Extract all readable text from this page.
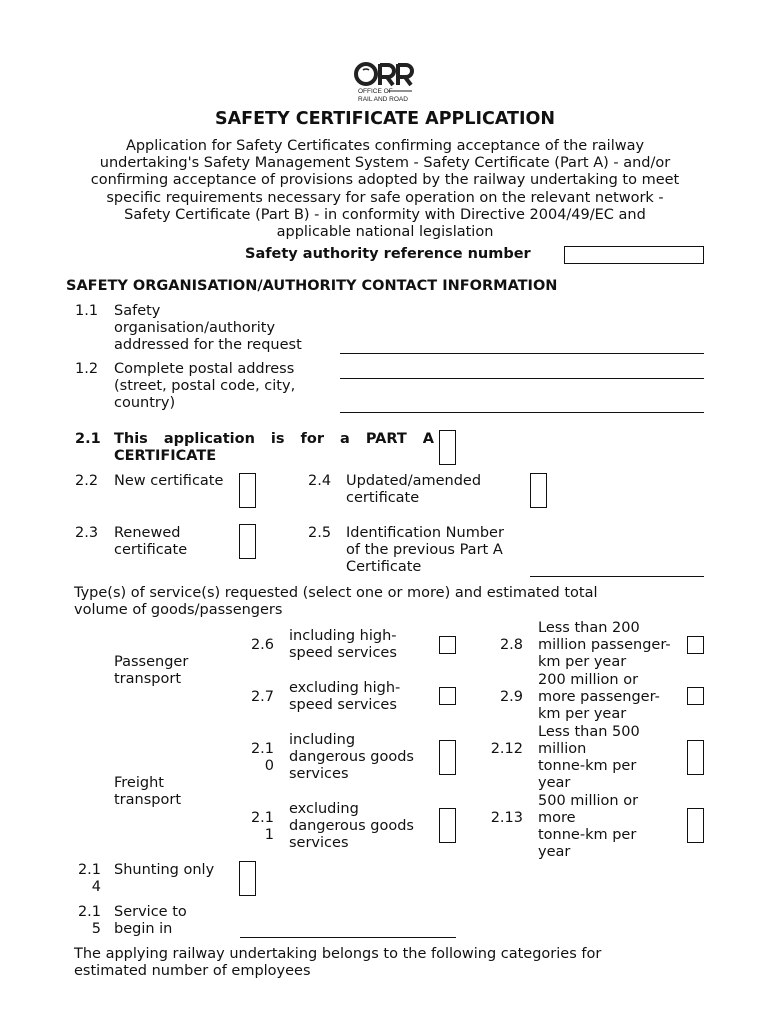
OFFICE OF
RAIL AND ROAD
SAFETY CERTIFICATE APPLICATION
Application for Safety Certificates confirming acceptance of the railway
undertaking's Safety Management System - Safety Certificate (Part A) - and/or
confirming acceptance of provisions adopted by the railway undertaking to meet
specific requirements necessary for safe operation on the relevant network -
Safety Certificate (Part B) - in conformity with Directive 2004/49/EC and
applicable national legislation
Safety authority reference number
SAFETY ORGANISATION/AUTHORITY CONTACT INFORMATION
1.1 Safety
organisation/authority
addressed for the request
1.2 Complete postal address
(street, postal code, city,
country)
2.1 This application is for a PART A
CERTIFICATE
2.2 New certificate	2.4 Updated/amended
certificate
2.3 Renewed
certificate
2.5 Identification Number
of the previous Part A
Certificate
Type(s) of service(s) requested (select one or more) and estimated total
volume of goods/passengers
Passenger
transport
2.6
including high-
speed services
2.7
excluding high-
speed services
2.8
Less than 200
million passenger-
km per year
2.9
200 million or
more passenger-
km per year
Freight
transport
2.1
0
including
dangerous goods
services
2.1
1
excluding
dangerous goods
services
2.12
Less than 500
million
tonne-km per
year
2.13
500 million or
more
tonne-km per
year
2.1
4
Shunting only
2.1
5
Service to
begin in
The applying railway undertaking belongs to the following categories for
estimated number of employees
